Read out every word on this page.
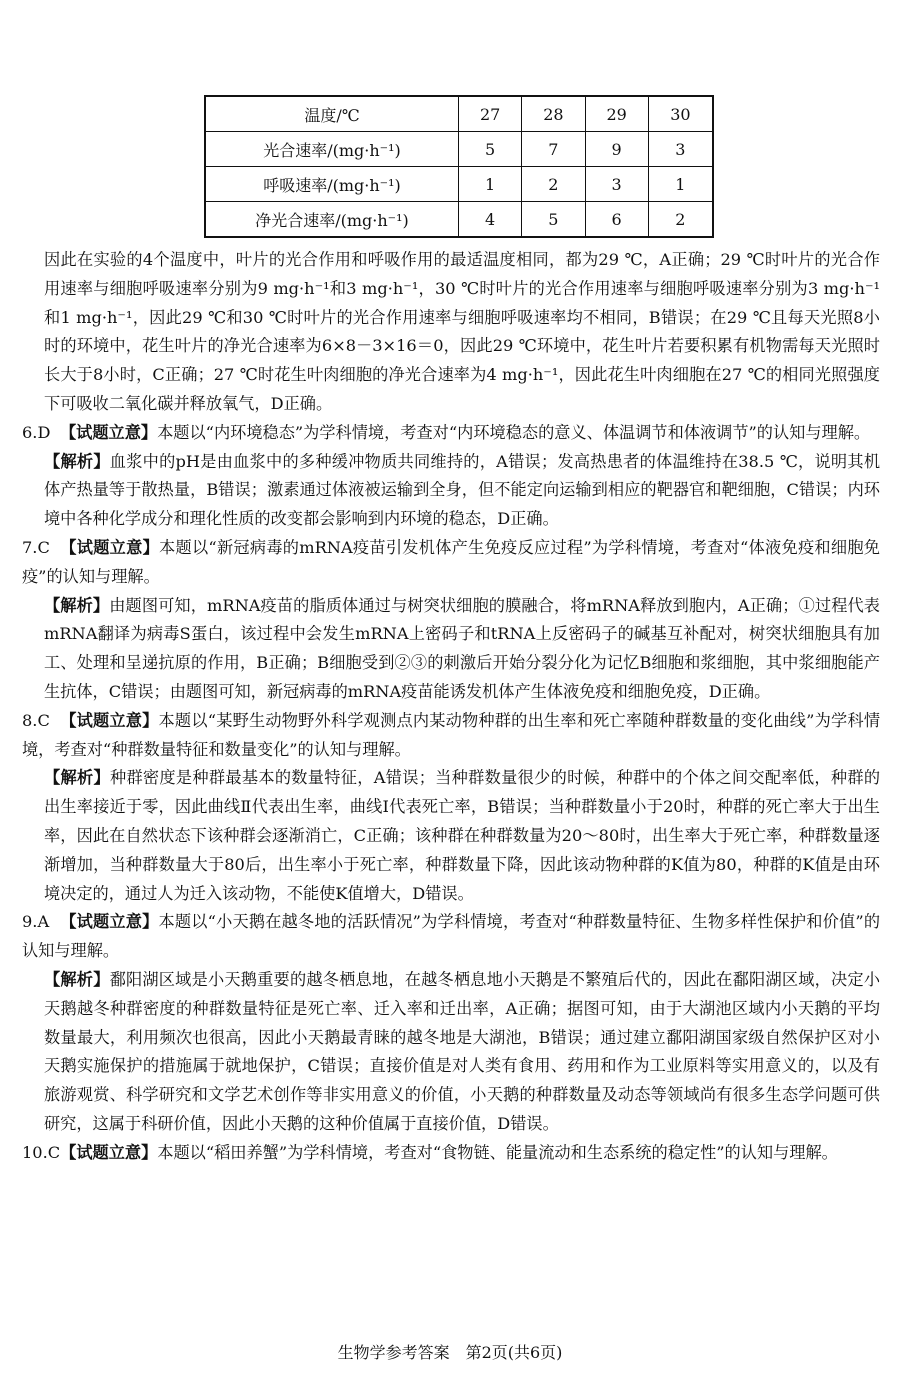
温度/℃	27	28	29	30
光合速率/(mg·h⁻¹)	5	7	9	3
呼吸速率/(mg·h⁻¹)	1	2	3	1
净光合速率/(mg·h⁻¹)	4	5	6	2

因此在实验的4个温度中，叶片的光合作用和呼吸作用的最适温度相同，都为29 ℃，A正确；29 ℃时叶片的光合作用速率与细胞呼吸速率分别为9 mg·h⁻¹和3 mg·h⁻¹，30 ℃时叶片的光合作用速率与细胞呼吸速率分别为3 mg·h⁻¹和1 mg·h⁻¹，因此29 ℃和30 ℃时叶片的光合作用速率与细胞呼吸速率均不相同，B错误；在29 ℃且每天光照8小时的环境中，花生叶片的净光合速率为6×8－3×16＝0，因此29 ℃环境中，花生叶片若要积累有机物需每天光照时长大于8小时，C正确；27 ℃时花生叶肉细胞的净光合速率为4 mg·h⁻¹，因此花生叶肉细胞在27 ℃的相同光照强度下可吸收二氧化碳并释放氧气，D正确。

6.D 【试题立意】本题以“内环境稳态”为学科情境，考查对“内环境稳态的意义、体温调节和体液调节”的认知与理解。

【解析】血浆中的pH是由血浆中的多种缓冲物质共同维持的，A错误；发高热患者的体温维持在38.5 ℃，说明其机体产热量等于散热量，B错误；激素通过体液被运输到全身，但不能定向运输到相应的靶器官和靶细胞，C错误；内环境中各种化学成分和理化性质的改变都会影响到内环境的稳态，D正确。

7.C 【试题立意】本题以“新冠病毒的mRNA疫苗引发机体产生免疫反应过程”为学科情境，考查对“体液免疫和细胞免疫”的认知与理解。

【解析】由题图可知，mRNA疫苗的脂质体通过与树突状细胞的膜融合，将mRNA释放到胞内，A正确；①过程代表mRNA翻译为病毒S蛋白，该过程中会发生mRNA上密码子和tRNA上反密码子的碱基互补配对，树突状细胞具有加工、处理和呈递抗原的作用，B正确；B细胞受到②③的刺激后开始分裂分化为记忆B细胞和浆细胞，其中浆细胞能产生抗体，C错误；由题图可知，新冠病毒的mRNA疫苗能诱发机体产生体液免疫和细胞免疫，D正确。

8.C 【试题立意】本题以“某野生动物野外科学观测点内某动物种群的出生率和死亡率随种群数量的变化曲线”为学科情境，考查对“种群数量特征和数量变化”的认知与理解。

【解析】种群密度是种群最基本的数量特征，A错误；当种群数量很少的时候，种群中的个体之间交配率低，种群的出生率接近于零，因此曲线Ⅱ代表出生率，曲线Ⅰ代表死亡率，B错误；当种群数量小于20时，种群的死亡率大于出生率，因此在自然状态下该种群会逐渐消亡，C正确；该种群在种群数量为20～80时，出生率大于死亡率，种群数量逐渐增加，当种群数量大于80后，出生率小于死亡率，种群数量下降，因此该动物种群的K值为80，种群的K值是由环境决定的，通过人为迁入该动物，不能使K值增大，D错误。

9.A 【试题立意】本题以“小天鹅在越冬地的活跃情况”为学科情境，考查对“种群数量特征、生物多样性保护和价值”的认知与理解。

【解析】鄱阳湖区域是小天鹅重要的越冬栖息地，在越冬栖息地小天鹅是不繁殖后代的，因此在鄱阳湖区域，决定小天鹅越冬种群密度的种群数量特征是死亡率、迁入率和迁出率，A正确；据图可知，由于大湖池区域内小天鹅的平均数量最大，利用频次也很高，因此小天鹅最青睐的越冬地是大湖池，B错误；通过建立鄱阳湖国家级自然保护区对小天鹅实施保护的措施属于就地保护，C错误；直接价值是对人类有食用、药用和作为工业原料等实用意义的，以及有旅游观赏、科学研究和文学艺术创作等非实用意义的价值，小天鹅的种群数量及动态等领域尚有很多生态学问题可供研究，这属于科研价值，因此小天鹅的这种价值属于直接价值，D错误。

10.C【试题立意】本题以“稻田养蟹”为学科情境，考查对“食物链、能量流动和生态系统的稳定性”的认知与理解。

生物学参考答案　第2页(共6页)
